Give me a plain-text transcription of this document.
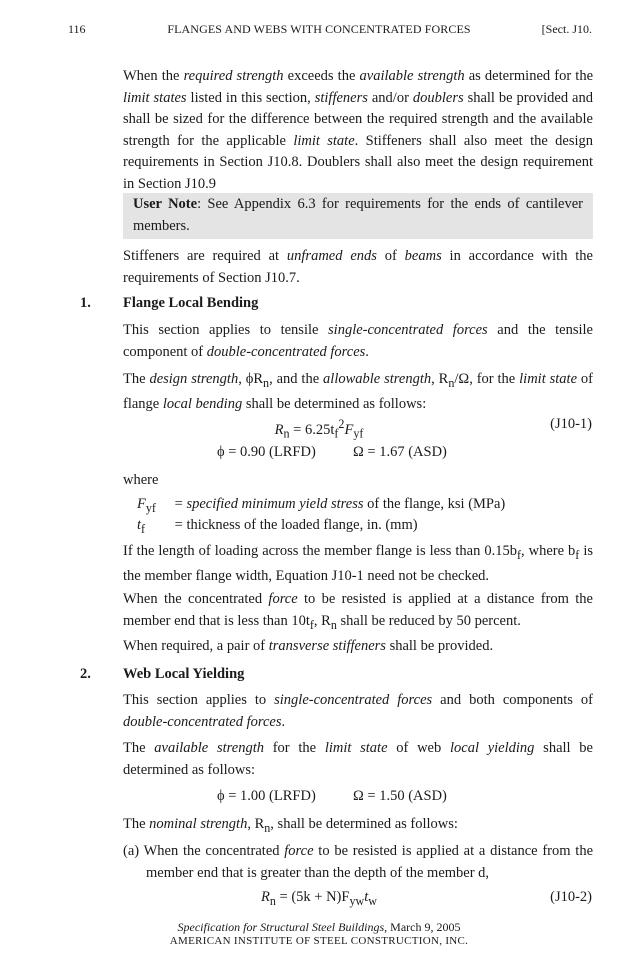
116	FLANGES AND WEBS WITH CONCENTRATED FORCES	[Sect. J10.

When the required strength exceeds the available strength as determined for the limit states listed in this section, stiffeners and/or doublers shall be provided and shall be sized for the difference between the required strength and the available strength for the applicable limit state. Stiffeners shall also meet the design requirements in Section J10.8. Doublers shall also meet the design requirement in Section J10.9

User Note: See Appendix 6.3 for requirements for the ends of cantilever members.

Stiffeners are required at unframed ends of beams in accordance with the requirements of Section J10.7.

1. Flange Local Bending

This section applies to tensile single-concentrated forces and the tensile component of double-concentrated forces.

The design strength, $\phi R_n$, and the allowable strength, $R_n/\Omega$, for the limit state of flange local bending shall be determined as follows:

$R_n = 6.25t_f^2F_{yf}$
(J10-1)
ϕ = 0.90 (LRFD)	Ω = 1.67 (ASD)

where

$F_{yf}$ = specified minimum yield stress of the flange, ksi (MPa)
$t_f$ = thickness of the loaded flange, in. (mm)

If the length of loading across the member flange is less than $0.15b_f$, where $b_f$ is the member flange width, Equation J10-1 need not be checked.

When the concentrated force to be resisted is applied at a distance from the member end that is less than $10t_f$, $R_n$ shall be reduced by 50 percent.

When required, a pair of transverse stiffeners shall be provided.

2. Web Local Yielding

This section applies to single-concentrated forces and both components of double-concentrated forces.

The available strength for the limit state of web local yielding shall be determined as follows:

ϕ = 1.00 (LRFD)	Ω = 1.50 (ASD)

The nominal strength, $R_n$, shall be determined as follows:

(a) When the concentrated force to be resisted is applied at a distance from the member end that is greater than the depth of the member d,

$R_n = (5k + N)F_{yw}t_w$	(J10-2)
Specification for Structural Steel Buildings, March 9, 2005
AMERICAN INSTITUTE OF STEEL CONSTRUCTION, INC.
